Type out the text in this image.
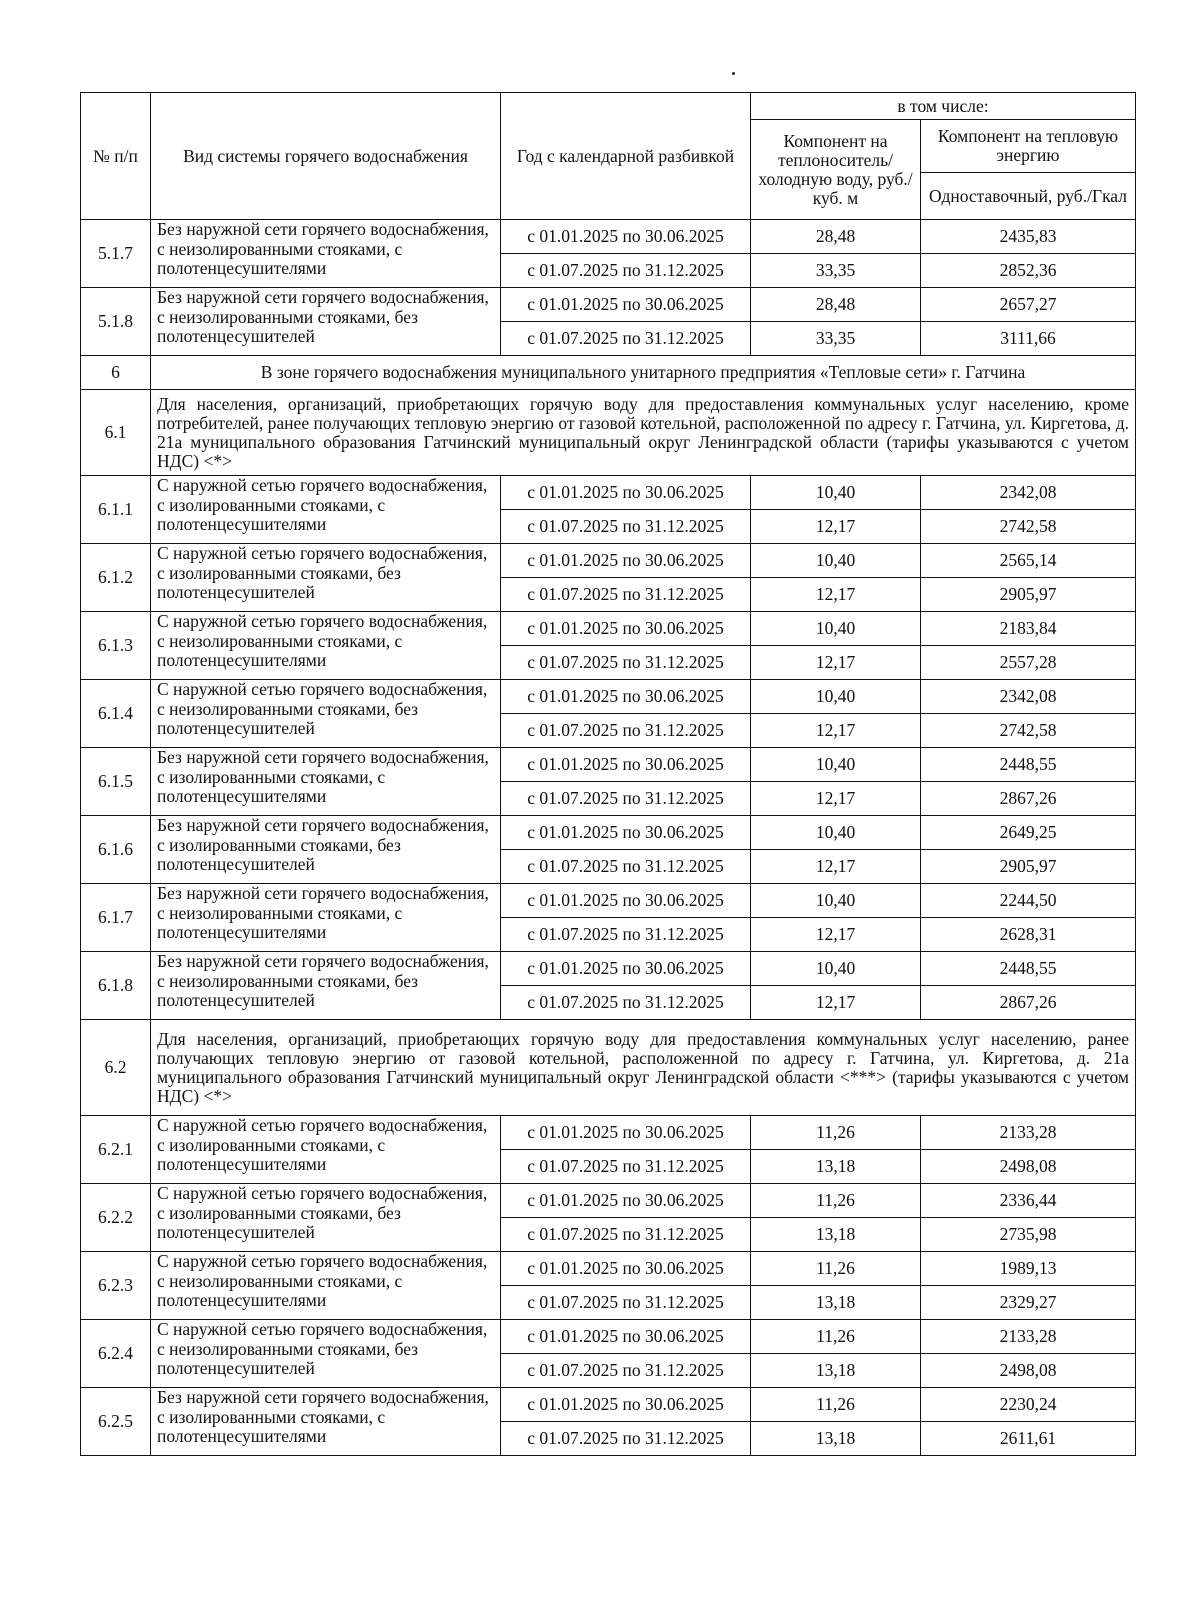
№ п/п	Вид системы горячего водоснабжения	Год с календарной разбивкой	в том числе:	
			Компонент на теплоноситель/ холодную воду, руб./куб. м	Компонент на тепловую энергию
				Одноставочный, руб./Гкал
5.1.7	Без наружной сети горячего водоснабжения, с неизолированными стояками, с полотенцесушителями	с 01.01.2025 по 30.06.2025	28,48	2435,83
		с 01.07.2025 по 31.12.2025	33,35	2852,36
5.1.8	Без наружной сети горячего водоснабжения, с неизолированными стояками, без полотенцесушителей	с 01.01.2025 по 30.06.2025	28,48	2657,27
		с 01.07.2025 по 31.12.2025	33,35	3111,66
6	В зоне горячего водоснабжения муниципального унитарного предприятия «Тепловые сети» г. Гатчина			
6.1	Для населения, организаций, приобретающих горячую воду для предоставления коммунальных услуг населению, кроме потребителей, ранее получающих тепловую энергию от газовой котельной, расположенной по адресу г. Гатчина, ул. Киргетова, д. 21а муниципального образования Гатчинский муниципальный округ Ленинградской области (тарифы указываются с учетом НДС) <*>			
6.1.1	С наружной сетью горячего водоснабжения, с изолированными стояками, с полотенцесушителями	с 01.01.2025 по 30.06.2025	10,40	2342,08
		с 01.07.2025 по 31.12.2025	12,17	2742,58
6.1.2	С наружной сетью горячего водоснабжения, с изолированными стояками, без полотенцесушителей	с 01.01.2025 по 30.06.2025	10,40	2565,14
		с 01.07.2025 по 31.12.2025	12,17	2905,97
6.1.3	С наружной сетью горячего водоснабжения, с неизолированными стояками, с полотенцесушителями	с 01.01.2025 по 30.06.2025	10,40	2183,84
		с 01.07.2025 по 31.12.2025	12,17	2557,28
6.1.4	С наружной сетью горячего водоснабжения, с неизолированными стояками, без полотенцесушителей	с 01.01.2025 по 30.06.2025	10,40	2342,08
		с 01.07.2025 по 31.12.2025	12,17	2742,58
6.1.5	Без наружной сети горячего водоснабжения, с изолированными стояками, с полотенцесушителями	с 01.01.2025 по 30.06.2025	10,40	2448,55
		с 01.07.2025 по 31.12.2025	12,17	2867,26
6.1.6	Без наружной сети горячего водоснабжения, с изолированными стояками, без полотенцесушителей	с 01.01.2025 по 30.06.2025	10,40	2649,25
		с 01.07.2025 по 31.12.2025	12,17	2905,97
6.1.7	Без наружной сети горячего водоснабжения, с неизолированными стояками, с полотенцесушителями	с 01.01.2025 по 30.06.2025	10,40	2244,50
		с 01.07.2025 по 31.12.2025	12,17	2628,31
6.1.8	Без наружной сети горячего водоснабжения, с неизолированными стояками, без полотенцесушителей	с 01.01.2025 по 30.06.2025	10,40	2448,55
		с 01.07.2025 по 31.12.2025	12,17	2867,26
6.2	Для населения, организаций, приобретающих горячую воду для предоставления коммунальных услуг населению, ранее получающих тепловую энергию от газовой котельной, расположенной по адресу г. Гатчина, ул. Киргетова, д. 21а муниципального образования Гатчинский муниципальный округ Ленинградской области <***> (тарифы указываются с учетом НДС) <*>			
6.2.1	С наружной сетью горячего водоснабжения, с изолированными стояками, с полотенцесушителями	с 01.01.2025 по 30.06.2025	11,26	2133,28
		с 01.07.2025 по 31.12.2025	13,18	2498,08
6.2.2	С наружной сетью горячего водоснабжения, с изолированными стояками, без полотенцесушителей	с 01.01.2025 по 30.06.2025	11,26	2336,44
		с 01.07.2025 по 31.12.2025	13,18	2735,98
6.2.3	С наружной сетью горячего водоснабжения, с неизолированными стояками, с полотенцесушителями	с 01.01.2025 по 30.06.2025	11,26	1989,13
		с 01.07.2025 по 31.12.2025	13,18	2329,27
6.2.4	С наружной сетью горячего водоснабжения, с неизолированными стояками, без полотенцесушителей	с 01.01.2025 по 30.06.2025	11,26	2133,28
		с 01.07.2025 по 31.12.2025	13,18	2498,08
6.2.5	Без наружной сети горячего водоснабжения, с изолированными стояками, с полотенцесушителями	с 01.01.2025 по 30.06.2025	11,26	2230,24
		с 01.07.2025 по 31.12.2025	13,18	2611,61
